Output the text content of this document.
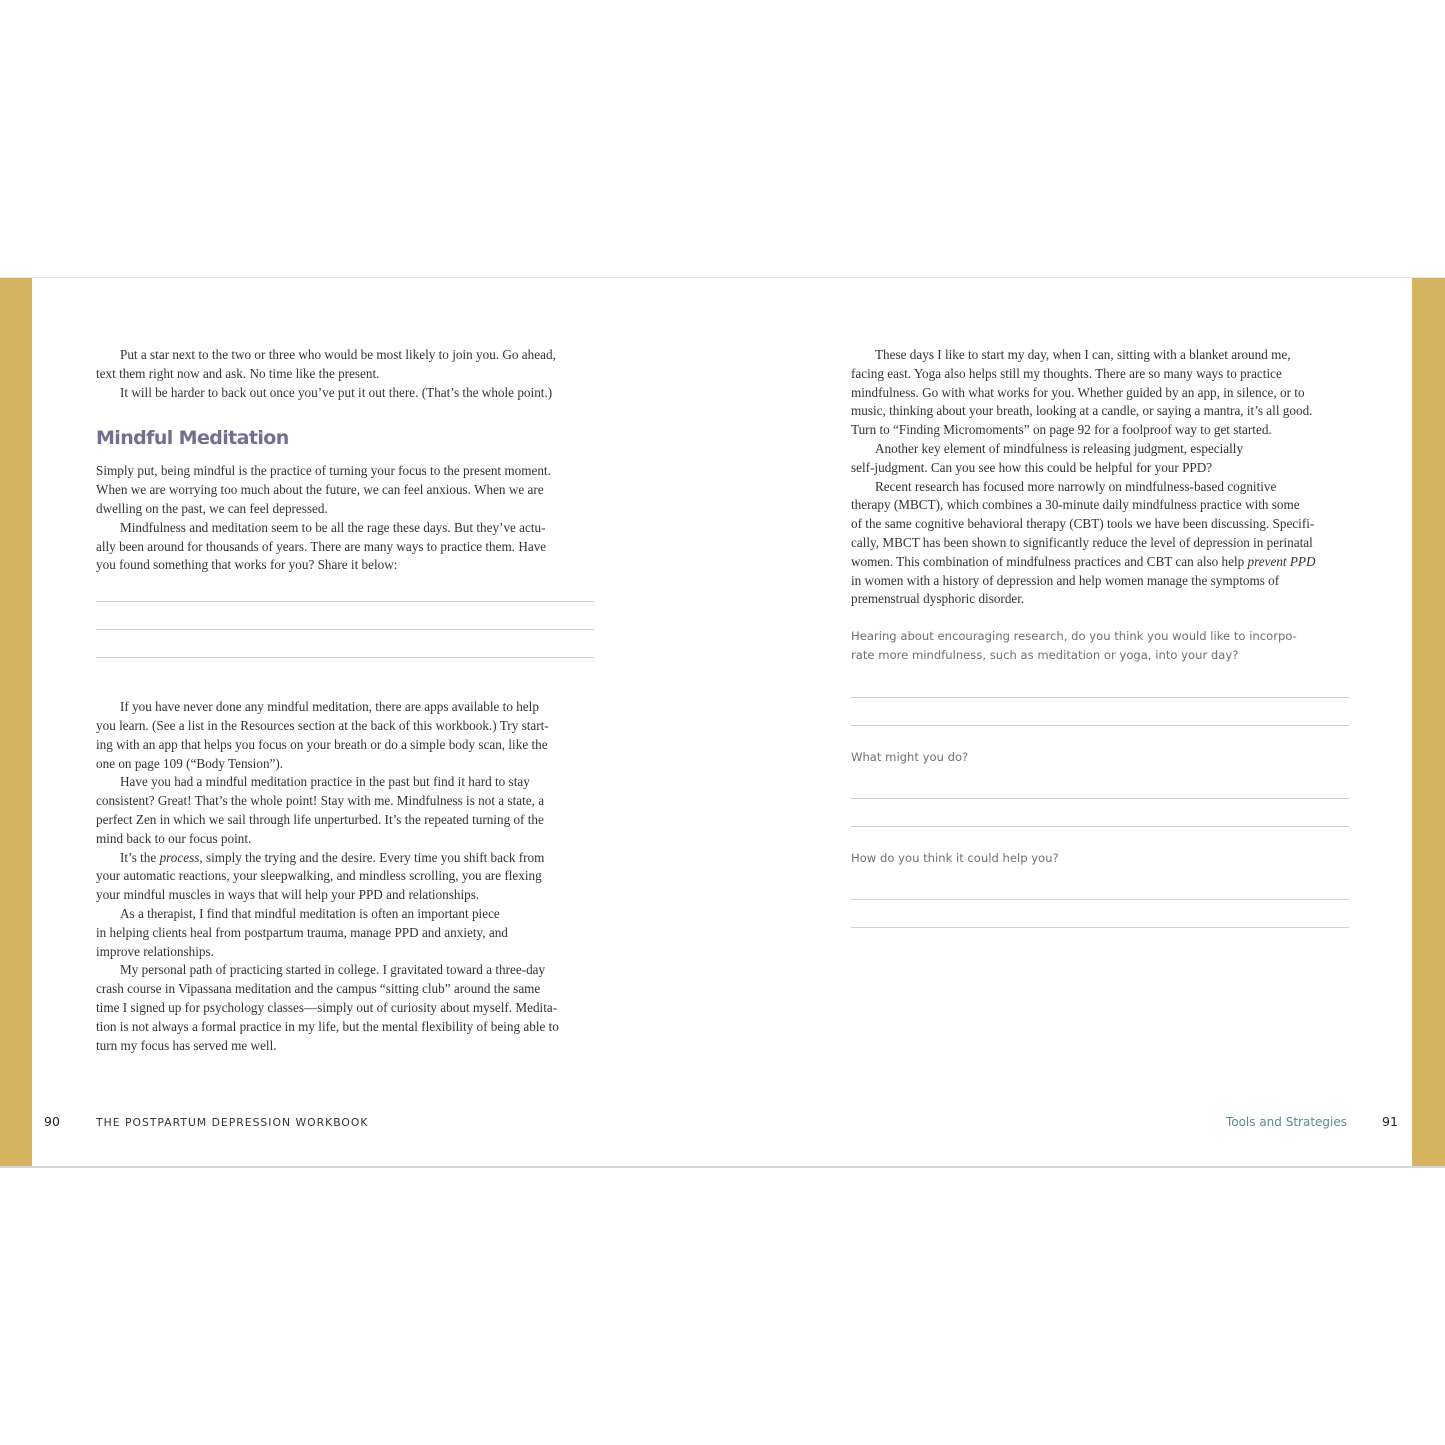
Put a star next to the two or three who would be most likely to join you. Go ahead,
text them right now and ask. No time like the present.

It will be harder to back out once you’ve put it out there. (That’s the whole point.)

Mindful Meditation

Simply put, being mindful is the practice of turning your focus to the present moment.
When we are worrying too much about the future, we can feel anxious. When we are
dwelling on the past, we can feel depressed.

Mindfulness and meditation seem to be all the rage these days. But they’ve actu-
ally been around for thousands of years. There are many ways to practice them. Have
you found something that works for you? Share it below:

If you have never done any mindful meditation, there are apps available to help
you learn. (See a list in the Resources section at the back of this workbook.) Try start-
ing with an app that helps you focus on your breath or do a simple body scan, like the
one on page 109 (“Body Tension”).

Have you had a mindful meditation practice in the past but find it hard to stay
consistent? Great! That’s the whole point! Stay with me. Mindfulness is not a state, a
perfect Zen in which we sail through life unperturbed. It’s the repeated turning of the
mind back to our focus point.

It’s the process, simply the trying and the desire. Every time you shift back from
your automatic reactions, your sleepwalking, and mindless scrolling, you are flexing
your mindful muscles in ways that will help your PPD and relationships.

As a therapist, I find that mindful meditation is often an important piece
in helping clients heal from postpartum trauma, manage PPD and anxiety, and
improve relationships.

My personal path of practicing started in college. I gravitated toward a three-day
crash course in Vipassana meditation and the campus “sitting club” around the same
time I signed up for psychology classes—simply out of curiosity about myself. Medita-
tion is not always a formal practice in my life, but the mental flexibility of being able to
turn my focus has served me well.

90	THE POSTPARTUM DEPRESSION WORKBOOK

These days I like to start my day, when I can, sitting with a blanket around me,
facing east. Yoga also helps still my thoughts. There are so many ways to practice
mindfulness. Go with what works for you. Whether guided by an app, in silence, or to
music, thinking about your breath, looking at a candle, or saying a mantra, it’s all good.
Turn to “Finding Micromoments” on page 92 for a foolproof way to get started.

Another key element of mindfulness is releasing judgment, especially
self-judgment. Can you see how this could be helpful for your PPD?

Recent research has focused more narrowly on mindfulness-based cognitive
therapy (MBCT), which combines a 30-minute daily mindfulness practice with some
of the same cognitive behavioral therapy (CBT) tools we have been discussing. Specifi-
cally, MBCT has been shown to significantly reduce the level of depression in perinatal
women. This combination of mindfulness practices and CBT can also help prevent PPD
in women with a history of depression and help women manage the symptoms of
premenstrual dysphoric disorder.

Hearing about encouraging research, do you think you would like to incorpo-
rate more mindfulness, such as meditation or yoga, into your day?

What might you do?

How do you think it could help you?

Tools and Strategies	91
